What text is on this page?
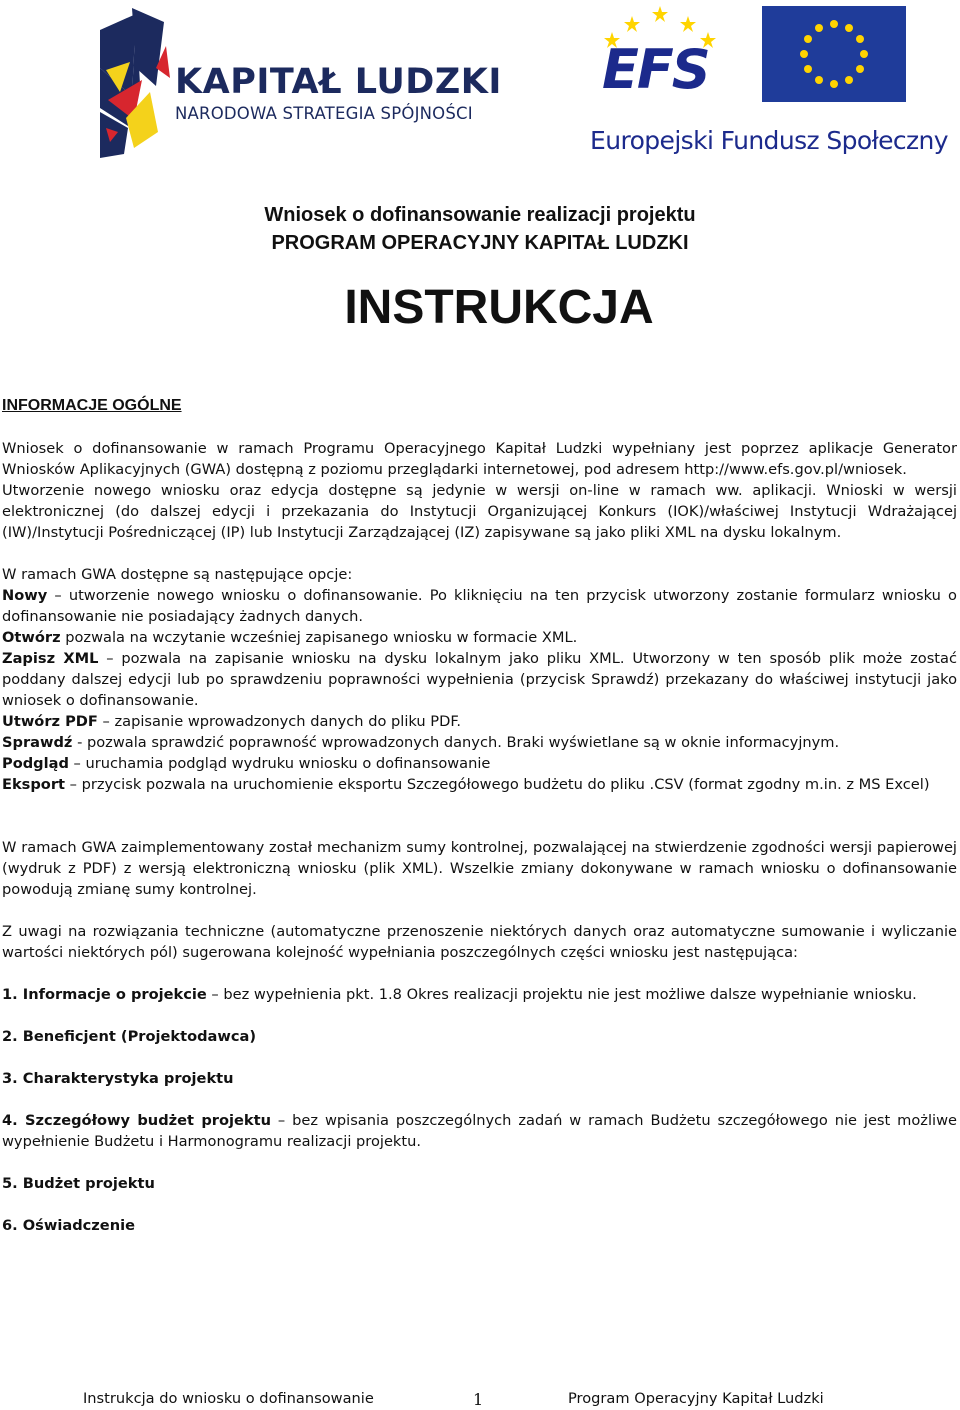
KAPITAŁ LUDZKI
NARODOWA STRATEGIA SPÓJNOŚCI
EFS
Europejski Fundusz Społeczny
Wniosek o dofinansowanie realizacji projektu
PROGRAM OPERACYJNY KAPITAŁ LUDZKI
INSTRUKCJA
INFORMACJE OGÓLNE

Wniosek o dofinansowanie w ramach Programu Operacyjnego Kapitał Ludzki wypełniany jest poprzez aplikacje Generator Wniosków Aplikacyjnych (GWA) dostępną z poziomu przeglądarki internetowej, pod adresem http://www.efs.gov.pl/wniosek.

Utworzenie nowego wniosku oraz edycja dostępne są jedynie w wersji on-line w ramach ww. aplikacji. Wnioski w wersji elektronicznej (do dalszej edycji i przekazania do Instytucji Organizującej Konkurs (IOK)/właściwej Instytucji Wdrażającej (IW)/Instytucji Pośredniczącej (IP) lub Instytucji Zarządzającej (IZ) zapisywane są jako pliki XML na dysku lokalnym.

W ramach GWA dostępne są następujące opcje:

Nowy – utworzenie nowego wniosku o dofinansowanie. Po kliknięciu na ten przycisk utworzony zostanie formularz wniosku o dofinansowanie nie posiadający żadnych danych.

Otwórz pozwala na wczytanie wcześniej zapisanego wniosku w formacie XML.

Zapisz XML – pozwala na zapisanie wniosku na dysku lokalnym jako pliku XML. Utworzony w ten sposób plik może zostać poddany dalszej edycji lub po sprawdzeniu poprawności wypełnienia (przycisk Sprawdź) przekazany do właściwej instytucji jako wniosek o dofinansowanie.

Utwórz PDF – zapisanie wprowadzonych danych do pliku PDF.

Sprawdź - pozwala sprawdzić poprawność wprowadzonych danych. Braki wyświetlane są w oknie informacyjnym.

Podgląd – uruchamia podgląd wydruku wniosku o dofinansowanie

Eksport – przycisk pozwala na uruchomienie eksportu Szczegółowego budżetu do pliku .CSV (format zgodny m.in. z MS Excel)

W ramach GWA zaimplementowany został mechanizm sumy kontrolnej, pozwalającej na stwierdzenie zgodności wersji papierowej (wydruk z PDF) z wersją elektroniczną wniosku (plik XML). Wszelkie zmiany dokonywane w ramach wniosku o dofinansowanie powodują zmianę sumy kontrolnej.

Z uwagi na rozwiązania techniczne (automatyczne przenoszenie niektórych danych oraz automatyczne sumowanie i wyliczanie wartości niektórych pól) sugerowana kolejność wypełniania poszczególnych części wniosku jest następująca:

1. Informacje o projekcie – bez wypełnienia pkt. 1.8 Okres realizacji projektu nie jest możliwe dalsze wypełnianie wniosku.

2. Beneficjent (Projektodawca)

3. Charakterystyka projektu

4. Szczegółowy budżet projektu – bez wpisania poszczególnych zadań w ramach Budżetu szczegółowego nie jest możliwe wypełnienie Budżetu i Harmonogramu realizacji projektu.

5. Budżet projektu

6. Oświadczenie

Instrukcja do wniosku o dofinansowanie	1	Program Operacyjny Kapitał Ludzki
